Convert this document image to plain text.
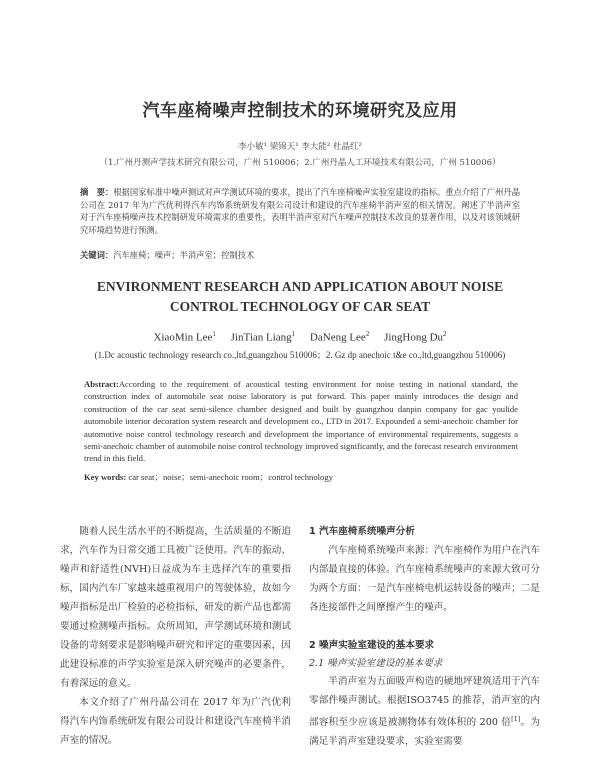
汽车座椅噪声控制技术的环境研究及应用
李小敏¹ 梁锦天¹ 李大能² 杜晶红²
（1.广州丹测声学技术研究有限公司，广州 510006；2.广州丹晶人工环境技术有限公司，广州 510006）
摘　要：根据国家标准中噪声测试对声学测试环境的要求，提出了汽车座椅噪声实验室建设的指标。重点介绍了广州丹晶公司在 2017 年为广汽优利得汽车内饰系统研发有限公司设计和建设的汽车座椅半消声室的相关情况。阐述了半消声室对于汽车座椅噪声技术控制研发环境需求的重要性，表明半消声室对汽车噪声控制技术改良的显著作用，以及对该领域研究环境趋势进行预测。
关键词：汽车座椅；噪声；半消声室；控制技术
ENVIRONMENT RESEARCH AND APPLICATION ABOUT NOISE CONTROL TECHNOLOGY OF CAR SEAT
XiaoMin Lee$^1$ JinTian Liang$^1$ DaNeng Lee$^2$ JingHong Du$^2$
(1.Dc acoustic technology research co.,ltd,guangzhou 510006；2. Gz dp anechoic t&e co.,ltd,guangzhou 510006)
Abstract:According to the requirement of acoustical testing environment for noise testing in national standard, the construction index of automobile seat noise laboratory is put forward. This paper mainly introduces the design and construction of the car seat semi-silence chamber designed and built by guangzhou danpin company for gac youlide automobile interior decoration system research and development co., LTD in 2017. Expounded a semi-anechoic chamber for automotive noise control technology research and development the importance of environmental requirements, suggests a semi-anechoic chamber of automobile noise control technology improved significantly, and the forecast research environment trend in this field.
Key words: car seat；noise；semi-anechoic room；control technology

随着人民生活水平的不断提高，生活质量的不断追求，汽车作为日常交通工具被广泛使用。汽车的振动、噪声和舒适性(NVH)日益成为车主选择汽车的重要指标，国内汽车厂家越来越重视用户的驾驶体验，故如今噪声指标是出厂检验的必检指标，研发的新产品也都需要通过检测噪声指标。众所周知，声学测试环境和测试设备的苛刻要求是影响噪声研究和评定的重要因素，因此建设标准的声学实验室是深入研究噪声的必要条件，有着深远的意义。

本文介绍了广州丹晶公司在 2017 年为广汽优利得汽车内饰系统研发有限公司设计和建设汽车座椅半消声室的情况。

1 汽车座椅系统噪声分析

汽车座椅系统噪声来源：汽车座椅作为用户在汽车内部最直接的体验。汽车座椅系统噪声的来源大致可分为两个方面：一是汽车座椅电机运转设备的噪声；二是各连接部件之间摩擦产生的噪声。

2 噪声实验室建设的基本要求
2.1 噪声实验室建设的基本要求

半消声室为五面吸声构造的硬地坪建筑适用于汽车零部件噪声测试。根据ISO3745 的推荐，消声室的内部容积至少应该是被测物体有效体积的 200 倍[1]。为满足半消声室建设要求，实验室需要
